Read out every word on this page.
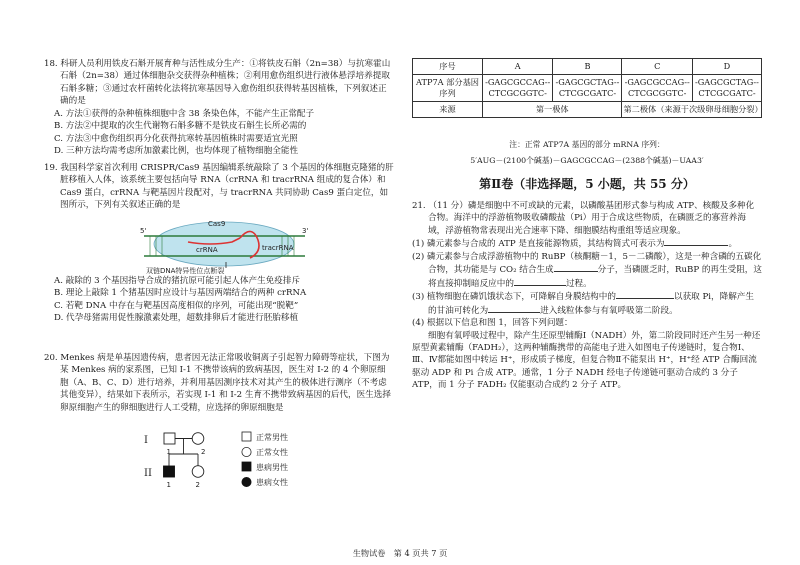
18. 科研人员利用铁皮石斛开展育种与活性成分生产：①将铁皮石斛（2n=38）与抗寒霍山石斛（2n=38）通过体细胞杂交获得杂种植株；②利用愈伤组织进行液体悬浮培养提取石斛多糖；③通过农杆菌转化法将抗寒基因导入愈伤组织获得转基因植株，下列叙述正确的是

A. 方法①获得的杂种植株细胞中含 38 条染色体，不能产生正常配子

B. 方法②中提取的次生代谢物石斛多糖不是铁皮石斛生长所必需的

C. 方法③中愈伤组织再分化获得抗寒转基因植株时需要适宜光照

D. 三种方法均需考虑所加激素比例，也均体现了植物细胞全能性

19. 我国科学家首次利用 CRISPR/Cas9 基因编辑系统敲除了 3 个基因的体细胞克隆猪的肝脏移植入人体，该系统主要包括向导 RNA（crRNA 和 tracrRNA 组成的复合体）和 Cas9 蛋白，crRNA 与靶基因片段配对，与 tracrRNA 共同协助 Cas9 蛋白定位，如图所示，下列有关叙述正确的是

Cas9
tracrRNA
crRNA
5'	3'
双链DNA特异性位点断裂

A. 敲除的 3 个基因指导合成的猪抗原可能引起人体产生免疫排斥

B. 理论上敲除 1 个猪基因时应设计与基因两端结合的两种 crRNA

C. 若靶 DNA 中存在与靶基因高度相似的序列，可能出现“脱靶”

D. 代孕母猪需用促性腺激素处理，超数排卵后才能进行胚胎移植

20. Menkes 病是单基因遗传病，患者因无法正常吸收铜离子引起智力障碍等症状，下图为某 Menkes 病的家系图，已知 I-1 不携带该病的致病基因，医生对 I-2 的 4 个卵原细胞（A、B、C、D）进行培养，并利用基因测序技术对其产生的极体进行测序（不考虑其他变异），结果如下表所示，若实现 I-1 和 I-2 生育不携带致病基因的后代，医生选择卵原细胞产生的卵细胞进行人工受精，应选择的卵原细胞是

I
II
1	2
1	2
正常男性
正常女性
患病男性
患病女性
序号	A	B	C	D
ATP7A 部分基因序列	-GAGCGCCAG--CTCGCGGTC-	-GAGCGCTAG--CTCGCGATC-	-GAGCGCCAG--CTCGCGGTC-	-GAGCGCTAG--CTCGCGATC-
来源	第一极体		第二极体（来源于次级卵母细胞分裂）	

注：正常 ATP7A 基因的部分 mRNA 序列：

5′AUG－(2100个碱基)－GAGCGCCAG－(2388个碱基)－UAA3′

第Ⅱ卷（非选择题，5 小题，共 55 分）

21. （11 分）磷是细胞中不可或缺的元素，以磷酸基团形式参与构成 ATP、核酸及多种化合物。海洋中的浮游植物吸收磷酸盐（Pi）用于合成这些物质，在磷匮乏的寡营养海域，浮游植物常表现出光合速率下降、细胞膜结构重组等适应现象。

(1) 磷元素参与合成的 ATP 是直接能源物质，其结构简式可表示为	。

(2) 磷元素参与合成浮游植物中的 RuBP（核酮糖－1，5－二磷酸），这是一种含磷的五碳化合物，其功能是与 CO₂ 结合生成	分子，当磷匮乏时，RuBP 的再生受阻，这将直接抑制暗反应中的	过程。

(3) 植物细胞在磷饥饿状态下，可降解自身膜结构中的	以获取 Pi，降解产生的甘油可转化为	进入线粒体参与有氧呼吸第二阶段。

(4) 根据以下信息和图 1，回答下列问题：

细胞有氧呼吸过程中，除产生还原型辅酶Ⅰ（NADH）外，第二阶段同时还产生另一种还原型黄素辅酶（FADH₂），这两种辅酶携带的高能电子进入如图电子传递链时，复合物Ⅰ、Ⅲ、Ⅳ都能如图中转运 H⁺，形成质子梯度，但复合物Ⅱ不能泵出 H⁺，H⁺经 ATP 合酶回流驱动 ADP 和 Pi 合成 ATP。通常，1 分子 NADH 经电子传递链可驱动合成约 3 分子 ATP，而 1 分子 FADH₂ 仅能驱动合成约 2 分子 ATP。

生物试卷　第 4 页共 7 页
